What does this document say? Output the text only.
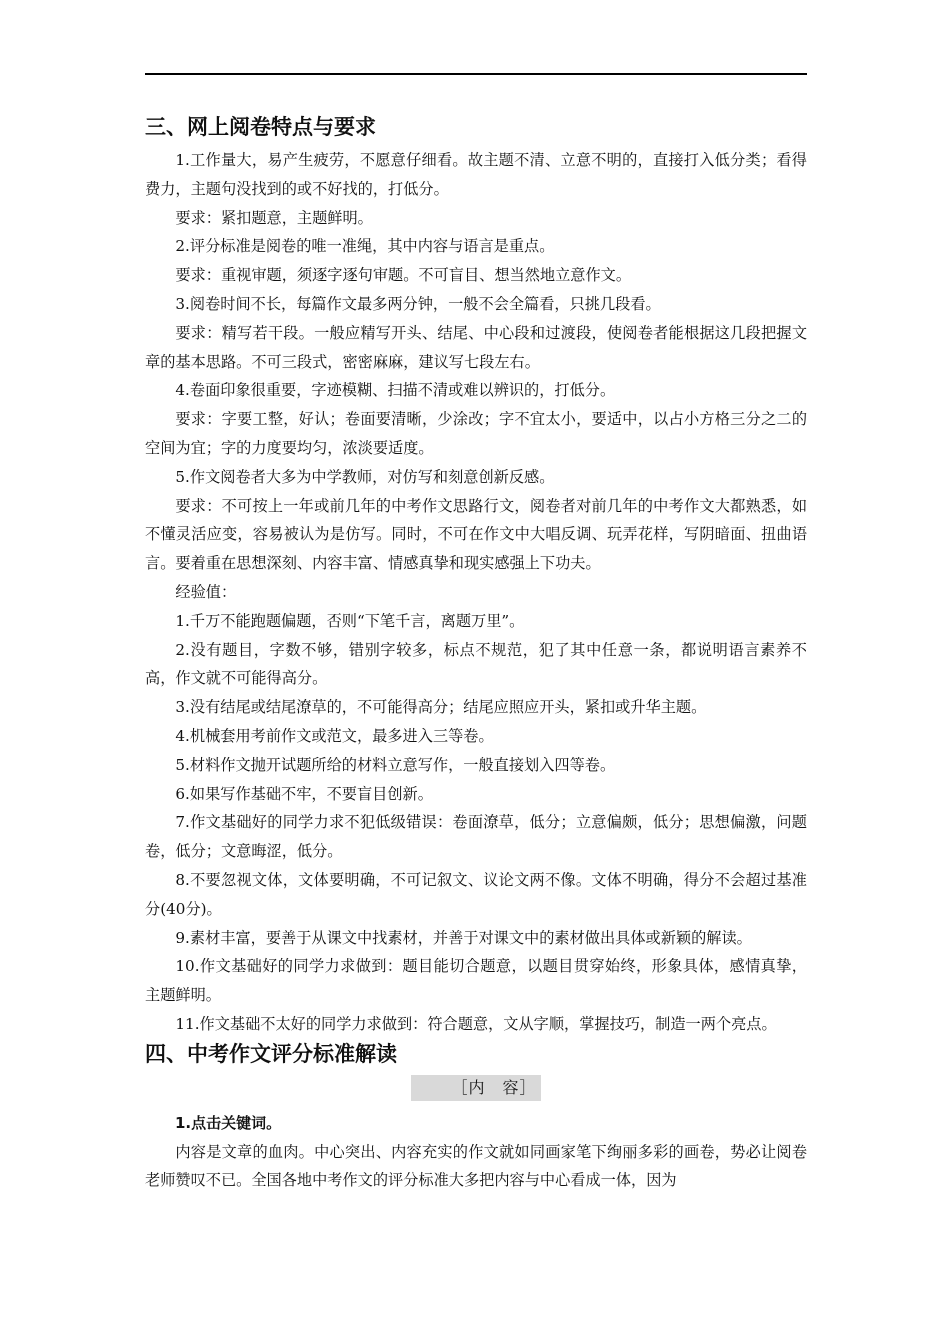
三、网上阅卷特点与要求

1.工作量大，易产生疲劳，不愿意仔细看。故主题不清、立意不明的，直接打入低分类；看得费力，主题句没找到的或不好找的，打低分。

要求：紧扣题意，主题鲜明。

2.评分标准是阅卷的唯一准绳，其中内容与语言是重点。

要求：重视审题，须逐字逐句审题。不可盲目、想当然地立意作文。

3.阅卷时间不长，每篇作文最多两分钟，一般不会全篇看，只挑几段看。

要求：精写若干段。一般应精写开头、结尾、中心段和过渡段，使阅卷者能根据这几段把握文章的基本思路。不可三段式，密密麻麻，建议写七段左右。

4.卷面印象很重要，字迹模糊、扫描不清或难以辨识的，打低分。

要求：字要工整，好认；卷面要清晰，少涂改；字不宜太小，要适中，以占小方格三分之二的空间为宜；字的力度要均匀，浓淡要适度。

5.作文阅卷者大多为中学教师，对仿写和刻意创新反感。

要求：不可按上一年或前几年的中考作文思路行文，阅卷者对前几年的中考作文大都熟悉，如不懂灵活应变，容易被认为是仿写。同时，不可在作文中大唱反调、玩弄花样，写阴暗面、扭曲语言。要着重在思想深刻、内容丰富、情感真挚和现实感强上下功夫。

经验值：

1.千万不能跑题偏题，否则“下笔千言，离题万里”。

2.没有题目，字数不够，错别字较多，标点不规范，犯了其中任意一条，都说明语言素养不高，作文就不可能得高分。

3.没有结尾或结尾潦草的，不可能得高分；结尾应照应开头，紧扣或升华主题。

4.机械套用考前作文或范文，最多进入三等卷。

5.材料作文抛开试题所给的材料立意写作，一般直接划入四等卷。

6.如果写作基础不牢，不要盲目创新。

7.作文基础好的同学力求不犯低级错误：卷面潦草，低分；立意偏颇，低分；思想偏激，问题卷，低分；文意晦涩，低分。

8.不要忽视文体，文体要明确，不可记叙文、议论文两不像。文体不明确，得分不会超过基准分(40分)。

9.素材丰富，要善于从课文中找素材，并善于对课文中的素材做出具体或新颖的解读。

10.作文基础好的同学力求做到：题目能切合题意，以题目贯穿始终，形象具体，感情真挚，主题鲜明。

11.作文基础不太好的同学力求做到：符合题意，文从字顺，掌握技巧，制造一两个亮点。

四、中考作文评分标准解读
［内　容］

1.点击关键词。

内容是文章的血肉。中心突出、内容充实的作文就如同画家笔下绚丽多彩的画卷，势必让阅卷老师赞叹不已。全国各地中考作文的评分标准大多把内容与中心看成一体，因为
